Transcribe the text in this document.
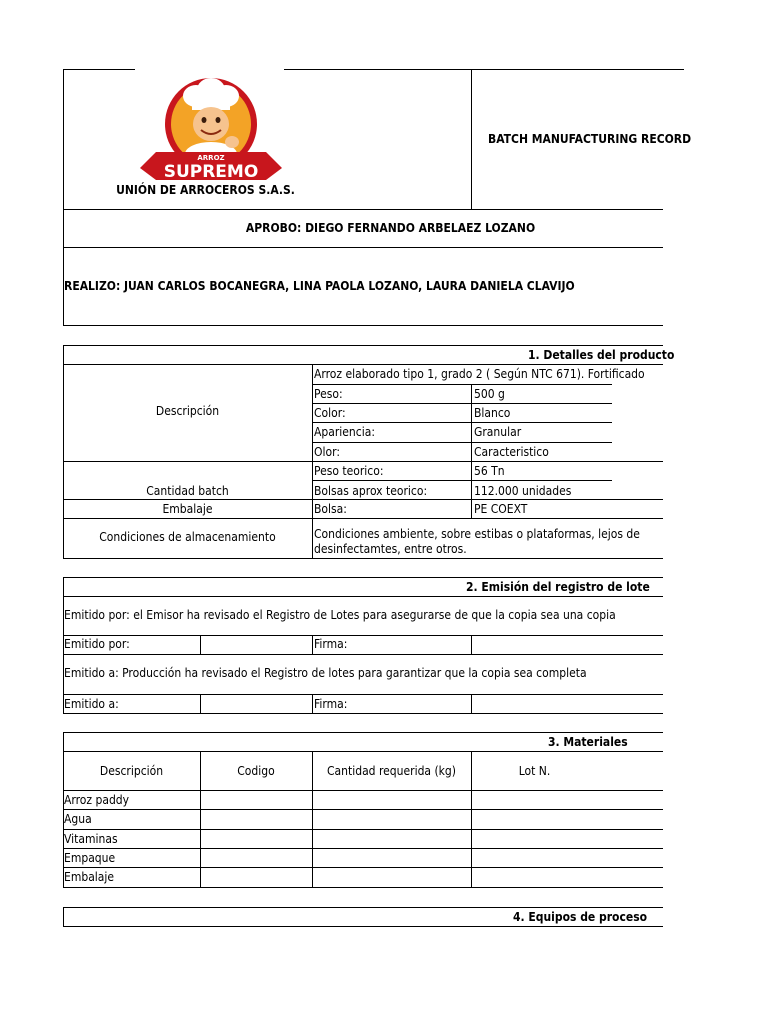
ARROZ
SUPREMO
UNIÓN DE ARROCEROS S.A.S.
BATCH MANUFACTURING RECORD
APROBO: DIEGO FERNANDO ARBELAEZ LOZANO
REALIZO: JUAN CARLOS BOCANEGRA, LINA PAOLA LOZANO, LAURA DANIELA CLAVIJO
1. Detalles del producto
Arroz elaborado tipo 1, grado 2 ( Según NTC 671). Fortificado
Descripción
Peso:	500 g
Color:	Blanco
Apariencia:	Granular
Olor:	Caracteristico
Cantidad batch
Peso teorico:	56 Tn
Bolsas aprox teorico:	112.000 unidades
Embalaje	Bolsa:	PE COEXT
Condiciones de almacenamiento	Condiciones ambiente, sobre estibas o plataformas, lejos de
desinfectamtes, entre otros.
2. Emisión del registro de lote
Emitido por: el Emisor ha revisado el Registro de Lotes para asegurarse de que la copia sea una copia
Emitido por:	Firma:
Emitido a: Producción ha revisado el Registro de lotes para garantizar que la copia sea completa
Emitido a:	Firma:
3. Materiales
Descripción	Codigo	Cantidad requerida (kg)	Lot N.
Arroz paddy
Agua
Vitaminas
Empaque
Embalaje
4. Equipos de proceso
